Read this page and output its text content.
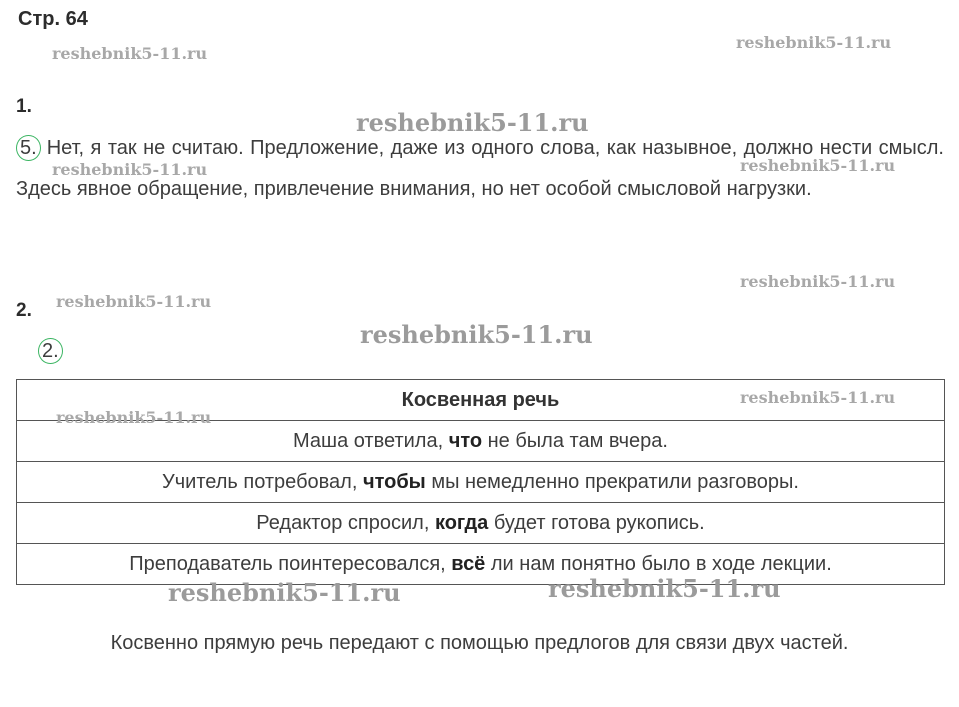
Стр. 64
reshebnik5-11.ru
reshebnik5-11.ru
reshebnik5-11.ru
reshebnik5-11.ru	reshebnik5-11.ru
reshebnik5-11.ru
reshebnik5-11.ru
reshebnik5-11.ru
1.
5. Нет, я так не считаю. Предложение, даже из одного слова, как назывное, должно нести смысл. Здесь явное обращение, привлечение внимания, но нет особой смысловой нагрузки.
2.
2.
Косвенная речь
Маша ответила, что не была там вчера.
Учитель потребовал, чтобы мы немедленно прекратили разговоры.
Редактор спросил, когда будет готова рукопись.
Преподаватель поинтересовался, всё ли нам понятно было в ходе лекции.
reshebnik5-11.ru
reshebnik5-11.ru
reshebnik5-11.ru	reshebnik5-11.ru
Косвенно прямую речь передают с помощью предлогов для связи двух частей.
